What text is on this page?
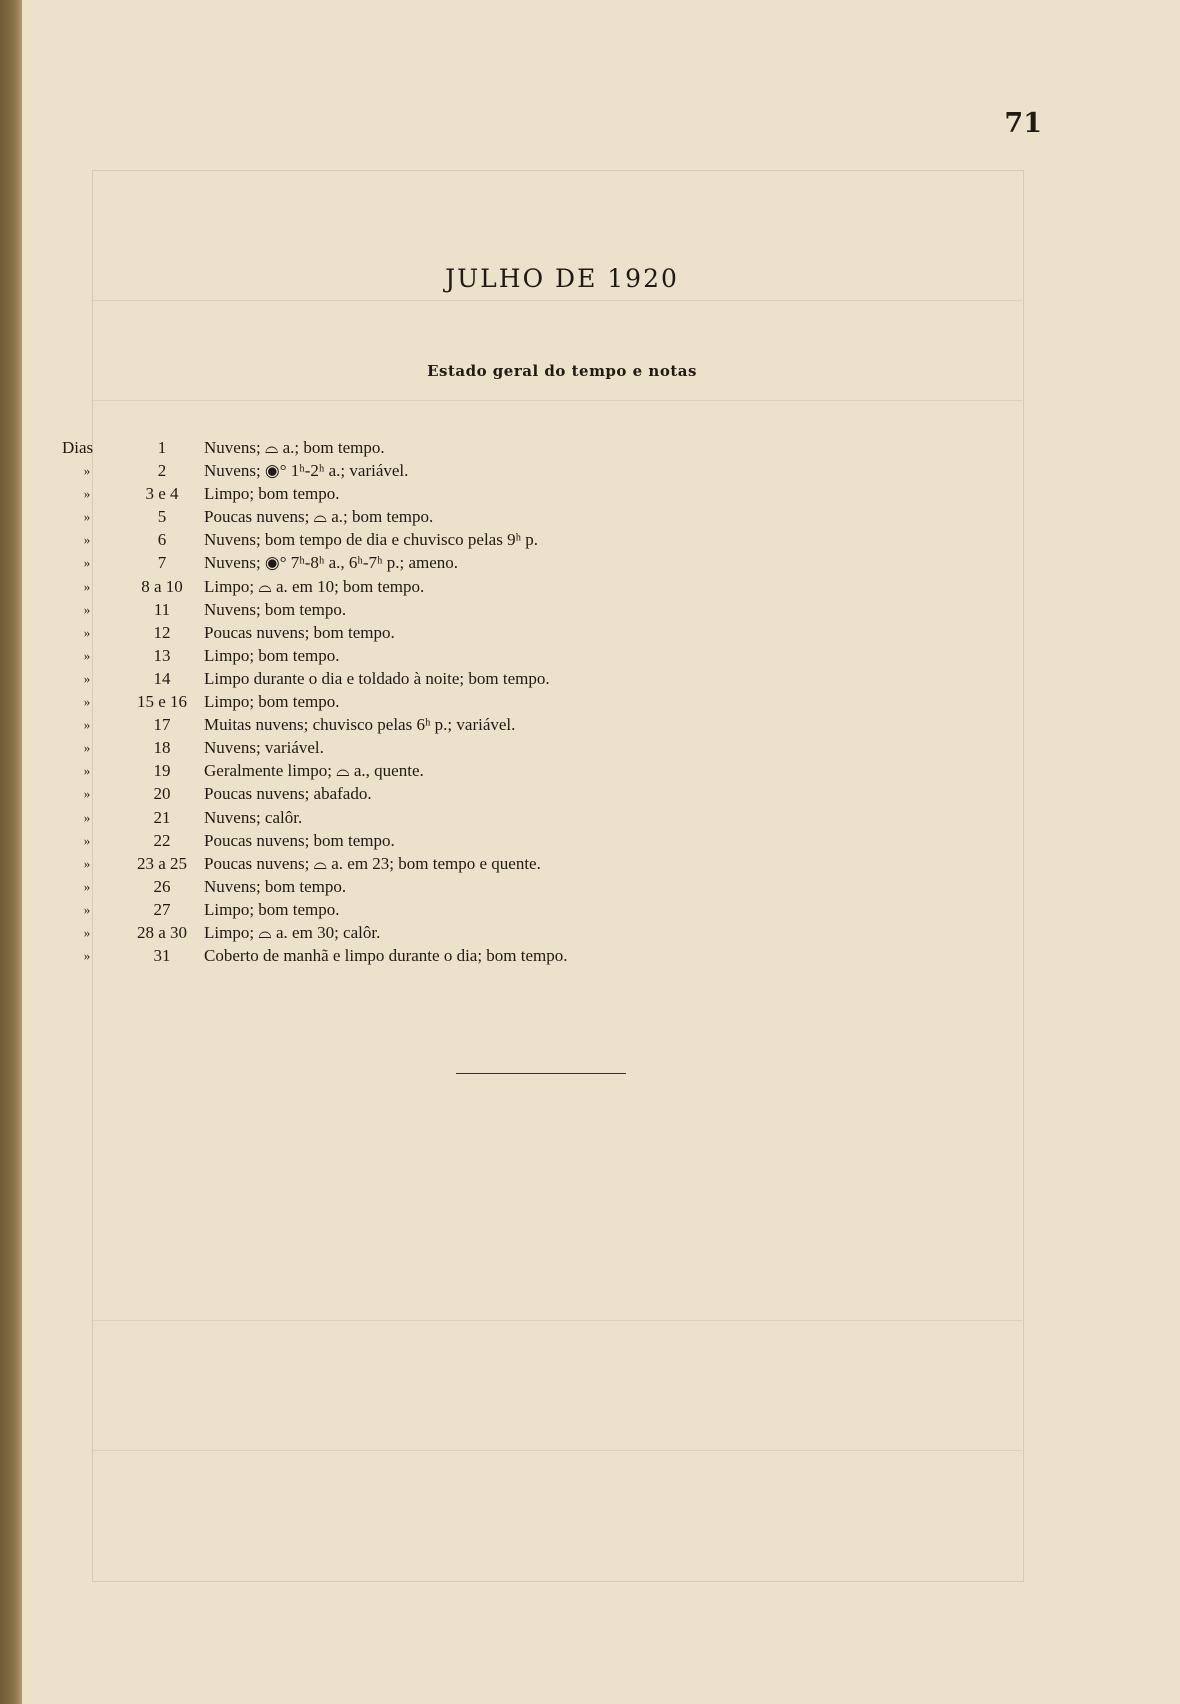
71
JULHO DE 1920
Estado geral do tempo e notas
Dias	1	Nuvens; ⌓ a.; bom tempo.
»	2	Nuvens; ◉° 1ʰ-2ʰ a.; variável.
»	3 e 4	Limpo; bom tempo.
»	5	Poucas nuvens; ⌓ a.; bom tempo.
»	6	Nuvens; bom tempo de dia e chuvisco pelas 9ʰ p.
»	7	Nuvens; ◉° 7ʰ-8ʰ a., 6ʰ-7ʰ p.; ameno.
»	8 a 10	Limpo; ⌓ a. em 10; bom tempo.
»	11	Nuvens; bom tempo.
»	12	Poucas nuvens; bom tempo.
»	13	Limpo; bom tempo.
»	14	Limpo durante o dia e toldado à noite; bom tempo.
»	15 e 16 Limpo; bom tempo.
»	17	Muitas nuvens; chuvisco pelas 6ʰ p.; variável.
»	18	Nuvens; variável.
»	19	Geralmente limpo; ⌓ a., quente.
»	20	Poucas nuvens; abafado.
»	21	Nuvens; calôr.
»	22	Poucas nuvens; bom tempo.
»	23 a 25 Poucas nuvens; ⌓ a. em 23; bom tempo e quente.
»	26	Nuvens; bom tempo.
»	27	Limpo; bom tempo.
»	28 a 30 Limpo; ⌓ a. em 30; calôr.
»	31	Coberto de manhã e limpo durante o dia; bom tempo.
